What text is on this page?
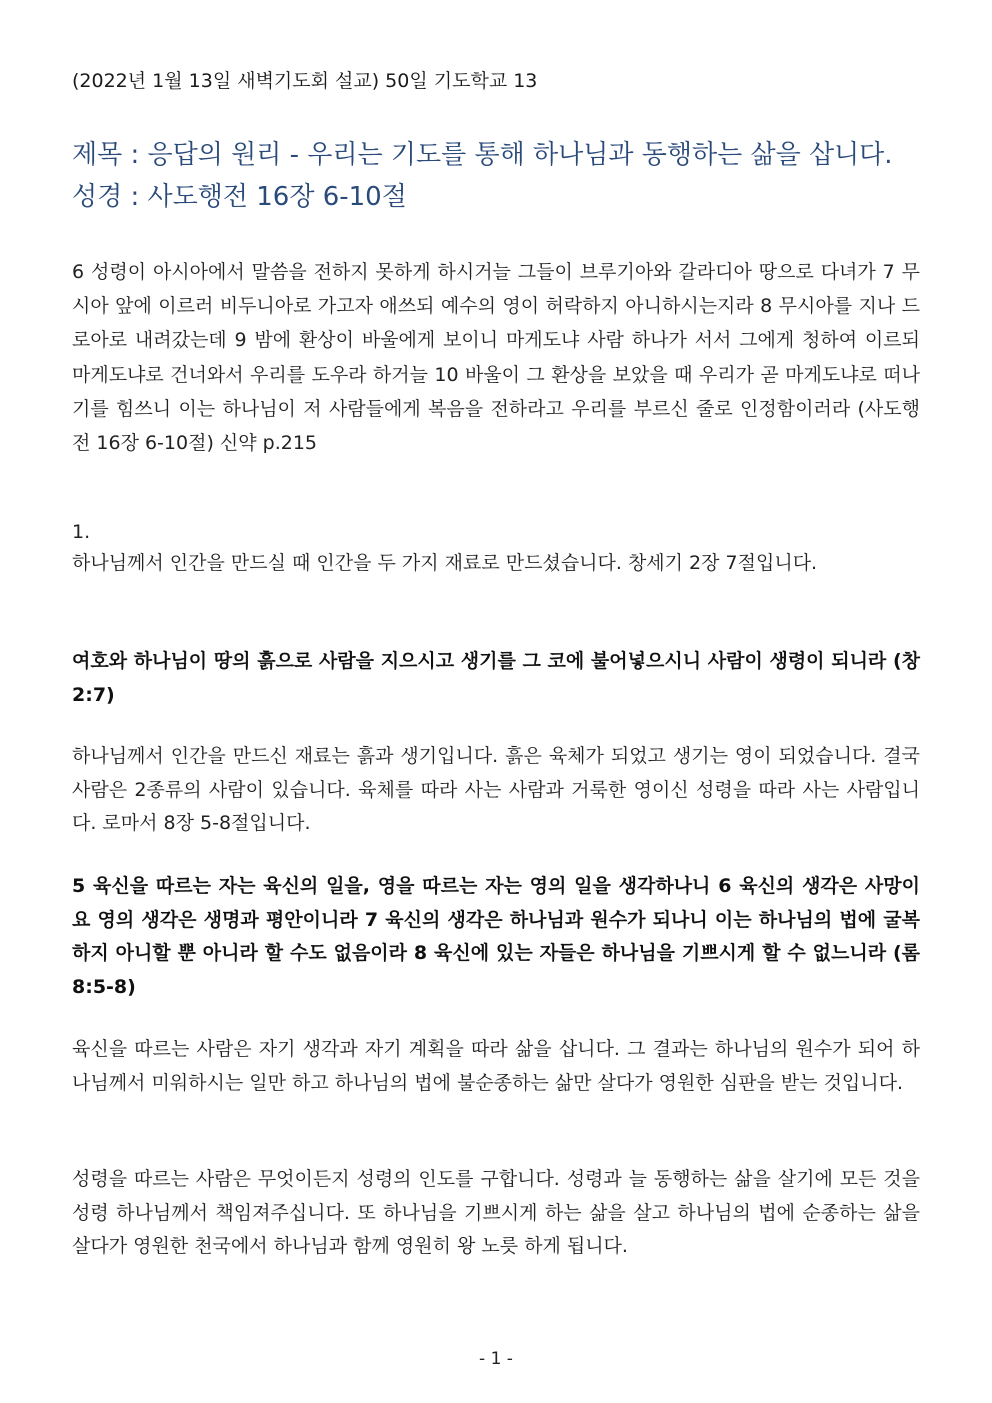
(2022년 1월 13일 새벽기도회 설교) 50일 기도학교 13
제목 : 응답의 원리 - 우리는 기도를 통해 하나님과 동행하는 삶을 삽니다.
성경 : 사도행전 16장 6-10절

6 성령이 아시아에서 말씀을 전하지 못하게 하시거늘 그들이 브루기아와 갈라디아 땅으로 다녀가 7 무시아 앞에 이르러 비두니아로 가고자 애쓰되 예수의 영이 허락하지 아니하시는지라 8 무시아를 지나 드로아로 내려갔는데 9 밤에 환상이 바울에게 보이니 마게도냐 사람 하나가 서서 그에게 청하여 이르되 마게도냐로 건너와서 우리를 도우라 하거늘 10 바울이 그 환상을 보았을 때 우리가 곧 마게도냐로 떠나기를 힘쓰니 이는 하나님이 저 사람들에게 복음을 전하라고 우리를 부르신 줄로 인정함이러라 (사도행전 16장 6-10절) 신약 p.215

1.

하나님께서 인간을 만드실 때 인간을 두 가지 재료로 만드셨습니다. 창세기 2장 7절입니다.

여호와 하나님이 땅의 흙으로 사람을 지으시고 생기를 그 코에 불어넣으시니 사람이 생령이 되니라 (창 2:7)

하나님께서 인간을 만드신 재료는 흙과 생기입니다. 흙은 육체가 되었고 생기는 영이 되었습니다. 결국 사람은 2종류의 사람이 있습니다. 육체를 따라 사는 사람과 거룩한 영이신 성령을 따라 사는 사람입니다. 로마서 8장 5-8절입니다.

5 육신을 따르는 자는 육신의 일을, 영을 따르는 자는 영의 일을 생각하나니 6 육신의 생각은 사망이요 영의 생각은 생명과 평안이니라 7 육신의 생각은 하나님과 원수가 되나니 이는 하나님의 법에 굴복하지 아니할 뿐 아니라 할 수도 없음이라 8 육신에 있는 자들은 하나님을 기쁘시게 할 수 없느니라 (롬 8:5-8)

육신을 따르는 사람은 자기 생각과 자기 계획을 따라 삶을 삽니다. 그 결과는 하나님의 원수가 되어 하나님께서 미워하시는 일만 하고 하나님의 법에 불순종하는 삶만 살다가 영원한 심판을 받는 것입니다.

성령을 따르는 사람은 무엇이든지 성령의 인도를 구합니다. 성령과 늘 동행하는 삶을 살기에 모든 것을 성령 하나님께서 책임져주십니다. 또 하나님을 기쁘시게 하는 삶을 살고 하나님의 법에 순종하는 삶을 살다가 영원한 천국에서 하나님과 함께 영원히 왕 노릇 하게 됩니다.

- 1 -
